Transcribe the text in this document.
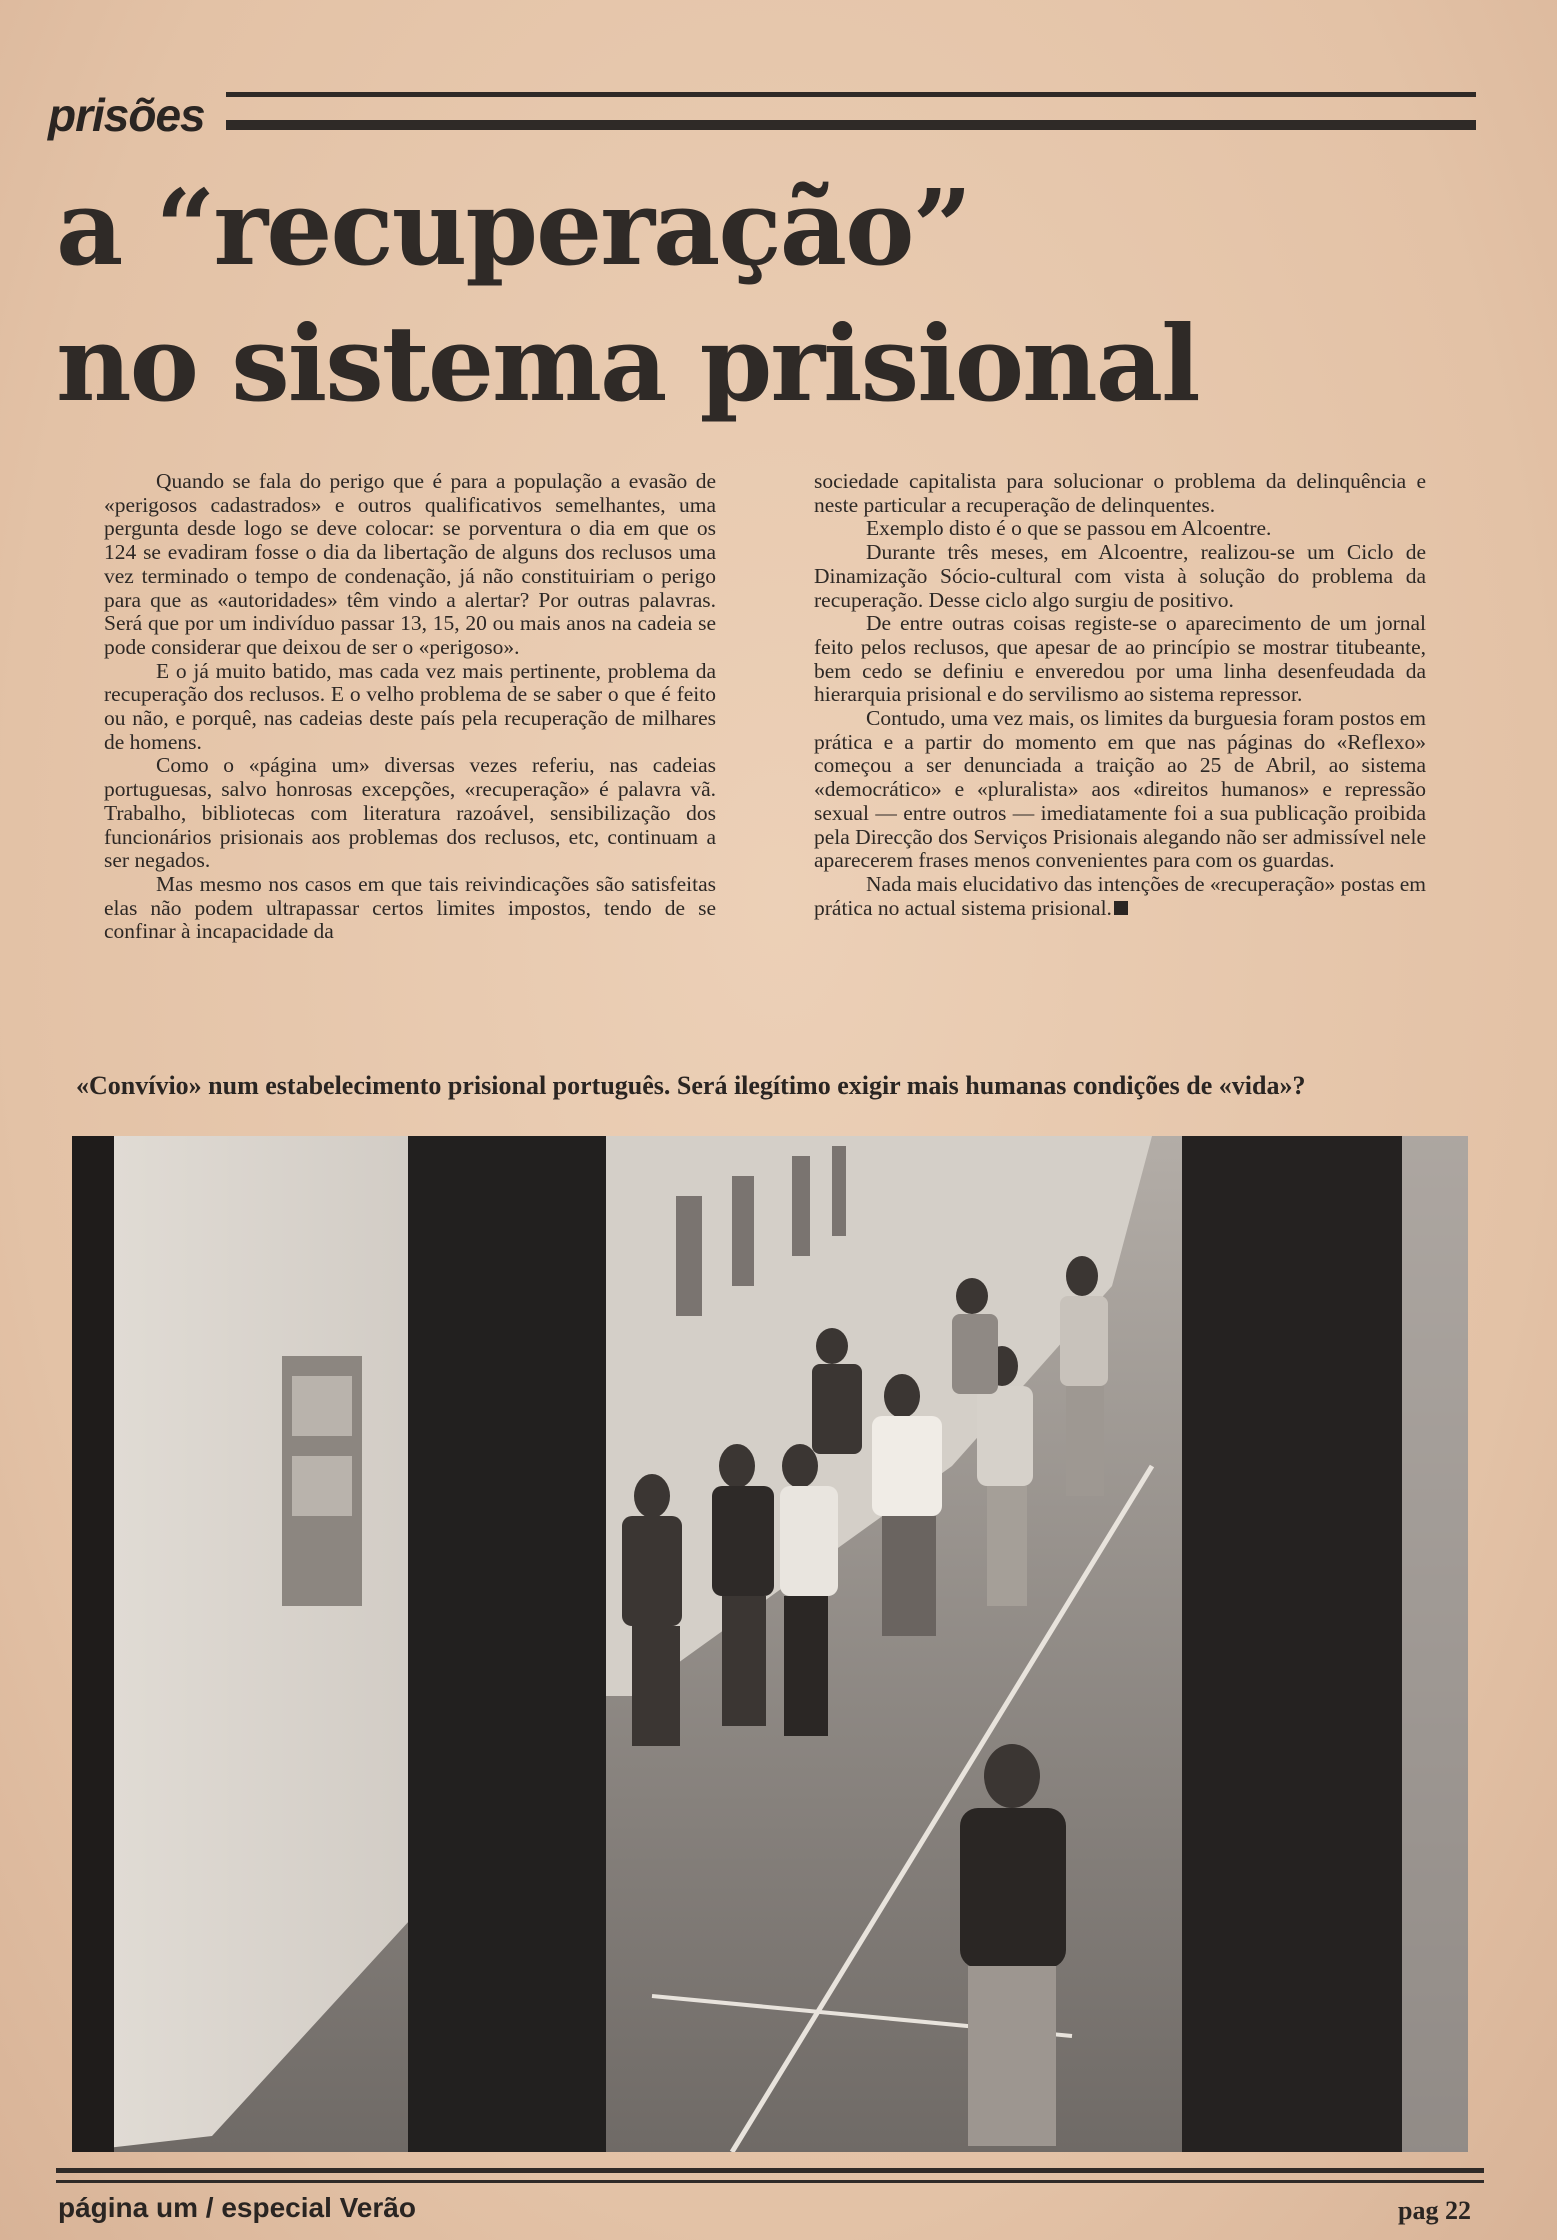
prisões
a “recuperação”
no sistema prisional

Quando se fala do perigo que é para a população a evasão de «perigosos cadastrados» e outros qualificativos semelhantes, uma pergunta desde logo se deve colocar: se porventura o dia em que os 124 se evadiram fosse o dia da libertação de alguns dos reclusos uma vez terminado o tempo de condenação, já não constituiriam o perigo para que as «autoridades» têm vindo a alertar? Por outras palavras. Será que por um indivíduo passar 13, 15, 20 ou mais anos na cadeia se pode considerar que deixou de ser o «perigoso».

E o já muito batido, mas cada vez mais pertinente, problema da recuperação dos reclusos. E o velho problema de se saber o que é feito ou não, e porquê, nas cadeias deste país pela recuperação de milhares de homens.

Como o «página um» diversas vezes referiu, nas cadeias portuguesas, salvo honrosas excepções, «recuperação» é palavra vã. Trabalho, bibliotecas com literatura razoável, sensibilização dos funcionários prisionais aos problemas dos reclusos, etc, continuam a ser negados.

Mas mesmo nos casos em que tais reivindicações são satisfeitas elas não podem ultrapassar certos limites impostos, tendo de se confinar à incapacidade da

sociedade capitalista para solucionar o problema da delinquência e neste particular a recuperação de delinquentes.

Exemplo disto é o que se passou em Alcoentre.

Durante três meses, em Alcoentre, realizou-se um Ciclo de Dinamização Sócio-cultural com vista à solução do problema da recuperação. Desse ciclo algo surgiu de positivo.

De entre outras coisas registe-se o aparecimento de um jornal feito pelos reclusos, que apesar de ao princípio se mostrar titubeante, bem cedo se definiu e enveredou por uma linha desenfeudada da hierarquia prisional e do servilismo ao sistema repressor.

Contudo, uma vez mais, os limites da burguesia foram postos em prática e a partir do momento em que nas páginas do «Reflexo» começou a ser denunciada a traição ao 25 de Abril, ao sistema «democrático» e «pluralista» aos «direitos humanos» e repressão sexual — entre outros — imediatamente foi a sua publicação proibida pela Direcção dos Serviços Prisionais alegando não ser admissível nele aparecerem frases menos convenientes para com os guardas.

Nada mais elucidativo das intenções de «recuperação» postas em prática no actual sistema prisional.

«Convívio» num estabelecimento prisional português. Será ilegítimo exigir mais humanas condições de «vida»?
página um / especial Verão	pag 22
